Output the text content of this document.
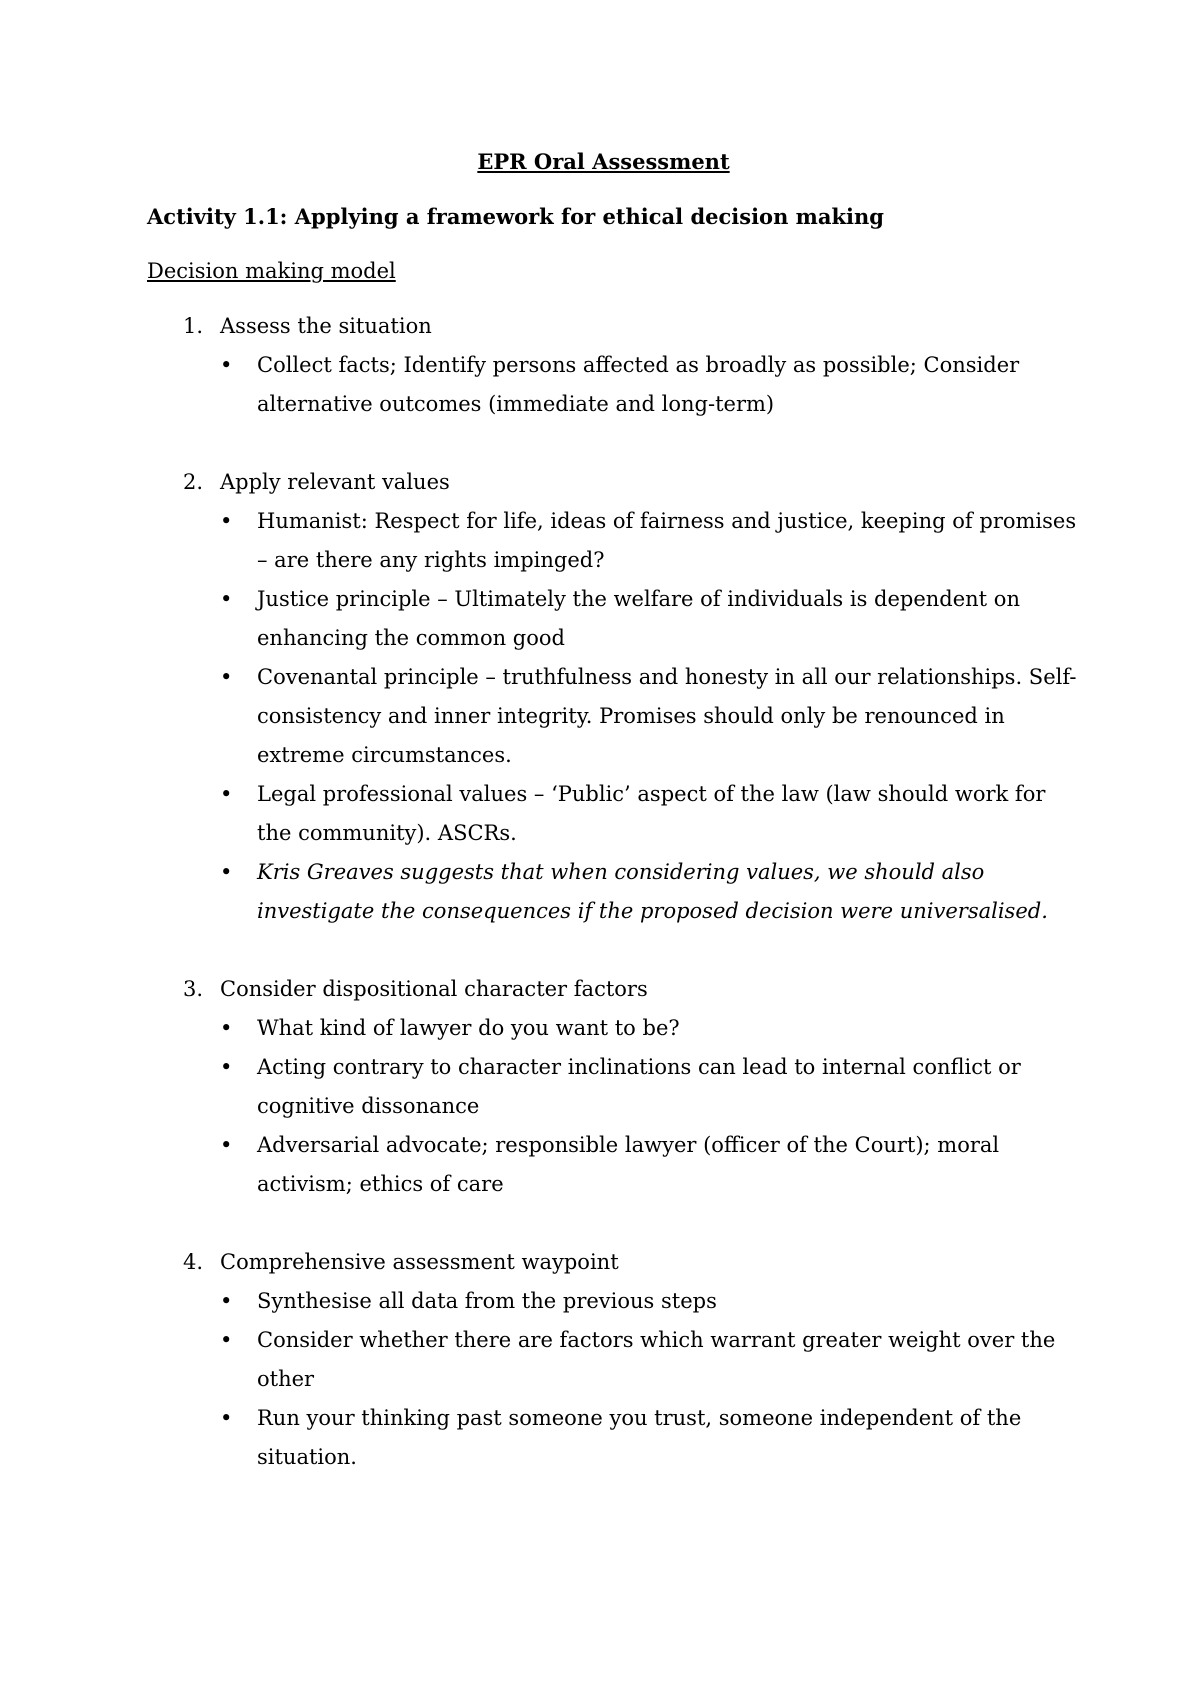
EPR Oral Assessment
Activity 1.1: Applying a framework for ethical decision making
Decision making model
1. Assess the situation
• Collect facts; Identify persons affected as broadly as possible; Consider alternative outcomes (immediate and long-term)
2. Apply relevant values
• Humanist: Respect for life, ideas of fairness and justice, keeping of promises – are there any rights impinged?
• Justice principle – Ultimately the welfare of individuals is dependent on enhancing the common good
• Covenantal principle – truthfulness and honesty in all our relationships. Self-consistency and inner integrity. Promises should only be renounced in extreme circumstances.
• Legal professional values – ‘Public’ aspect of the law (law should work for the community). ASCRs.
• Kris Greaves suggests that when considering values, we should also investigate the consequences if the proposed decision were universalised.
3. Consider dispositional character factors
• What kind of lawyer do you want to be?
• Acting contrary to character inclinations can lead to internal conflict or cognitive dissonance
• Adversarial advocate; responsible lawyer (officer of the Court); moral activism; ethics of care
4. Comprehensive assessment waypoint
• Synthesise all data from the previous steps
• Consider whether there are factors which warrant greater weight over the other
• Run your thinking past someone you trust, someone independent of the situation.
